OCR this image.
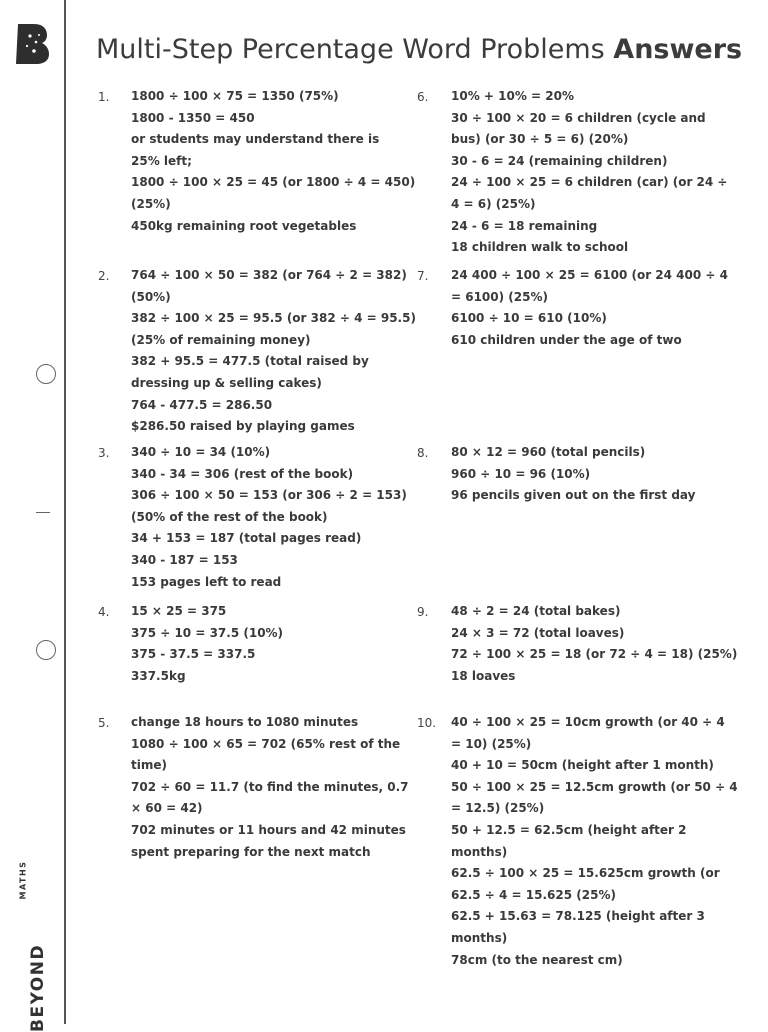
MATHS
BEYOND
Multi-Step Percentage Word Problems Answers
1. 1800 ÷ 100 × 75 = 1350 (75%)
1800 - 1350 = 450
or students may understand there is
25% left;
1800 ÷ 100 × 25 = 45 (or 1800 ÷ 4 = 450)
(25%)
450kg remaining root vegetables
2. 764 ÷ 100 × 50 = 382 (or 764 ÷ 2 = 382)
(50%)
382 ÷ 100 × 25 = 95.5 (or 382 ÷ 4 = 95.5)
(25% of remaining money)
382 + 95.5 = 477.5 (total raised by
dressing up & selling cakes)
764 - 477.5 = 286.50
$286.50 raised by playing games
3. 340 ÷ 10 = 34 (10%)
340 - 34 = 306 (rest of the book)
306 ÷ 100 × 50 = 153 (or 306 ÷ 2 = 153)
(50% of the rest of the book)
34 + 153 = 187 (total pages read)
340 - 187 = 153
153 pages left to read
4. 15 × 25 = 375
375 ÷ 10 = 37.5 (10%)
375 - 37.5 = 337.5
337.5kg
5. change 18 hours to 1080 minutes
1080 ÷ 100 × 65 = 702 (65% rest of the
time)
702 ÷ 60 = 11.7 (to find the minutes, 0.7
× 60 = 42)
702 minutes or 11 hours and 42 minutes
spent preparing for the next match
6. 10% + 10% = 20%
30 ÷ 100 × 20 = 6 children (cycle and
bus) (or 30 ÷ 5 = 6) (20%)
30 - 6 = 24 (remaining children)
24 ÷ 100 × 25 = 6 children (car) (or 24 ÷
4 = 6) (25%)
24 - 6 = 18 remaining
18 children walk to school
7. 24 400 ÷ 100 × 25 = 6100 (or 24 400 ÷ 4
= 6100) (25%)
6100 ÷ 10 = 610 (10%)
610 children under the age of two
8. 80 × 12 = 960 (total pencils)
960 ÷ 10 = 96 (10%)
96 pencils given out on the first day
9. 48 ÷ 2 = 24 (total bakes)
24 × 3 = 72 (total loaves)
72 ÷ 100 × 25 = 18 (or 72 ÷ 4 = 18) (25%)
18 loaves
10. 40 ÷ 100 × 25 = 10cm growth (or 40 ÷ 4
= 10) (25%)
40 + 10 = 50cm (height after 1 month)
50 ÷ 100 × 25 = 12.5cm growth (or 50 ÷ 4
= 12.5) (25%)
50 + 12.5 = 62.5cm (height after 2
months)
62.5 ÷ 100 × 25 = 15.625cm growth (or
62.5 ÷ 4 = 15.625 (25%)
62.5 + 15.63 = 78.125 (height after 3
months)
78cm (to the nearest cm)
